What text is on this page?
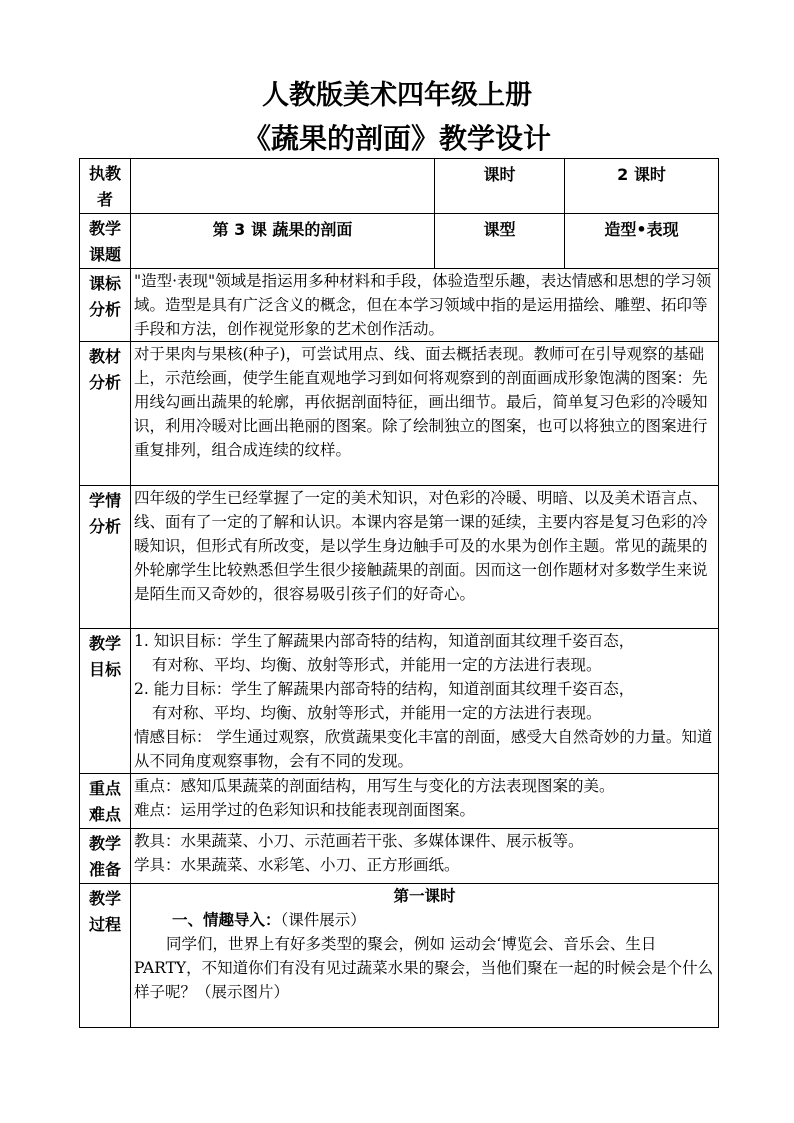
人教版美术四年级上册
《蔬果的剖面》教学设计
执教者		课时	2 课时
教学课题	第 3 课 蔬果的剖面	课型	造型•表现
课标分析	"造型·表现"领域是指运用多种材料和手段，体验造型乐趣，表达情感和思想的学习领域。造型是具有广泛含义的概念，但在本学习领域中指的是运用描绘、雕塑、拓印等手段和方法，创作视觉形象的艺术创作活动。		
教材分析	对于果肉与果核(种子)，可尝试用点、线、面去概括表现。教师可在引导观察的基础上，示范绘画，使学生能直观地学习到如何将观察到的剖面画成形象饱满的图案：先用线勾画出蔬果的轮廓，再依据剖面特征，画出细节。最后，简单复习色彩的冷暖知识，利用冷暖对比画出艳丽的图案。除了绘制独立的图案，也可以将独立的图案进行重复排列，组合成连续的纹样。		
学情分析	四年级的学生已经掌握了一定的美术知识，对色彩的冷暖、明暗、以及美术语言点、线、面有了一定的了解和认识。本课内容是第一课的延续，主要内容是复习色彩的冷暖知识，但形式有所改变，是以学生身边触手可及的水果为创作主题。常见的蔬果的外轮廓学生比较熟悉但学生很少接触蔬果的剖面。因而这一创作题材对多数学生来说是陌生而又奇妙的，很容易吸引孩子们的好奇心。		
教学目标	1. 知识目标：学生了解蔬果内部奇特的结构，知道剖面其纹理千姿百态，
有对称、平均、均衡、放射等形式，并能用一定的方法进行表现。
2. 能力目标：学生了解蔬果内部奇特的结构，知道剖面其纹理千姿百态，
有对称、平均、均衡、放射等形式，并能用一定的方法进行表现。
情感目标： 学生通过观察，欣赏蔬果变化丰富的剖面，感受大自然奇妙的力量。知道从不同角度观察事物，会有不同的发现。		

重点难点	重点：感知瓜果蔬菜的剖面结构，用写生与变化的方法表现图案的美。
难点：运用学过的色彩知识和技能表现剖面图案。		

教学准备	教具：水果蔬菜、小刀、示范画若干张、多媒体课件、展示板等。
学具：水果蔬菜、水彩笔、小刀、正方形画纸。		

教学过程	第一课时
一、情趣导入：（课件展示）
同学们，世界上有好多类型的聚会，例如 运动会‘博览会、音乐会、生日 PARTY，不知道你们有没有见过蔬菜水果的聚会，当他们聚在一起的时候会是个什么样子呢？（展示图片）		
